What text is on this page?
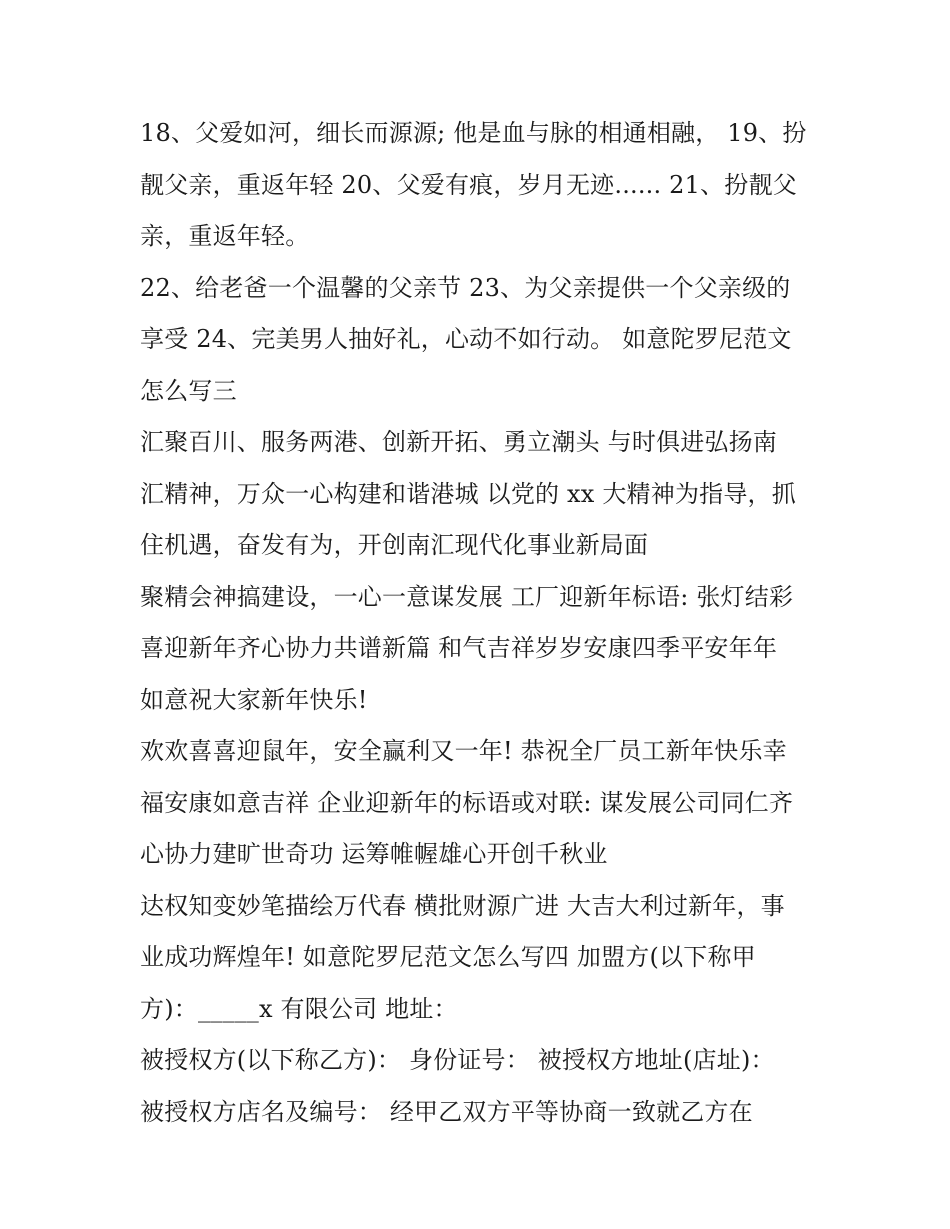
18、父爱如河，细长而源源; 他是血与脉的相通相融， 19、扮
靓父亲，重返年轻 20、父爱有痕，岁月无迹...... 21、扮靓父
亲，重返年轻。

22、给老爸一个温馨的父亲节 23、为父亲提供一个父亲级的
享受 24、完美男人抽好礼，心动不如行动。 如意陀罗尼范文
怎么写三

汇聚百川、服务两港、创新开拓、勇立潮头 与时俱进弘扬南
汇精神，万众一心构建和谐港城 以党的 xx 大精神为指导，抓
住机遇，奋发有为，开创南汇现代化事业新局面

聚精会神搞建设，一心一意谋发展 工厂迎新年标语: 张灯结彩
喜迎新年齐心协力共谱新篇 和气吉祥岁岁安康四季平安年年
如意祝大家新年快乐!

欢欢喜喜迎鼠年，安全赢利又一年! 恭祝全厂员工新年快乐幸
福安康如意吉祥 企业迎新年的标语或对联: 谋发展公司同仁齐
心协力建旷世奇功 运筹帷幄雄心开创千秋业

达权知变妙笔描绘万代春 横批财源广进 大吉大利过新年，事
业成功辉煌年! 如意陀罗尼范文怎么写四 加盟方(以下称甲
方)：_____x 有限公司 地址：

被授权方(以下称乙方)： 身份证号： 被授权方地址(店址)：

被授权方店名及编号： 经甲乙双方平等协商一致就乙方在
